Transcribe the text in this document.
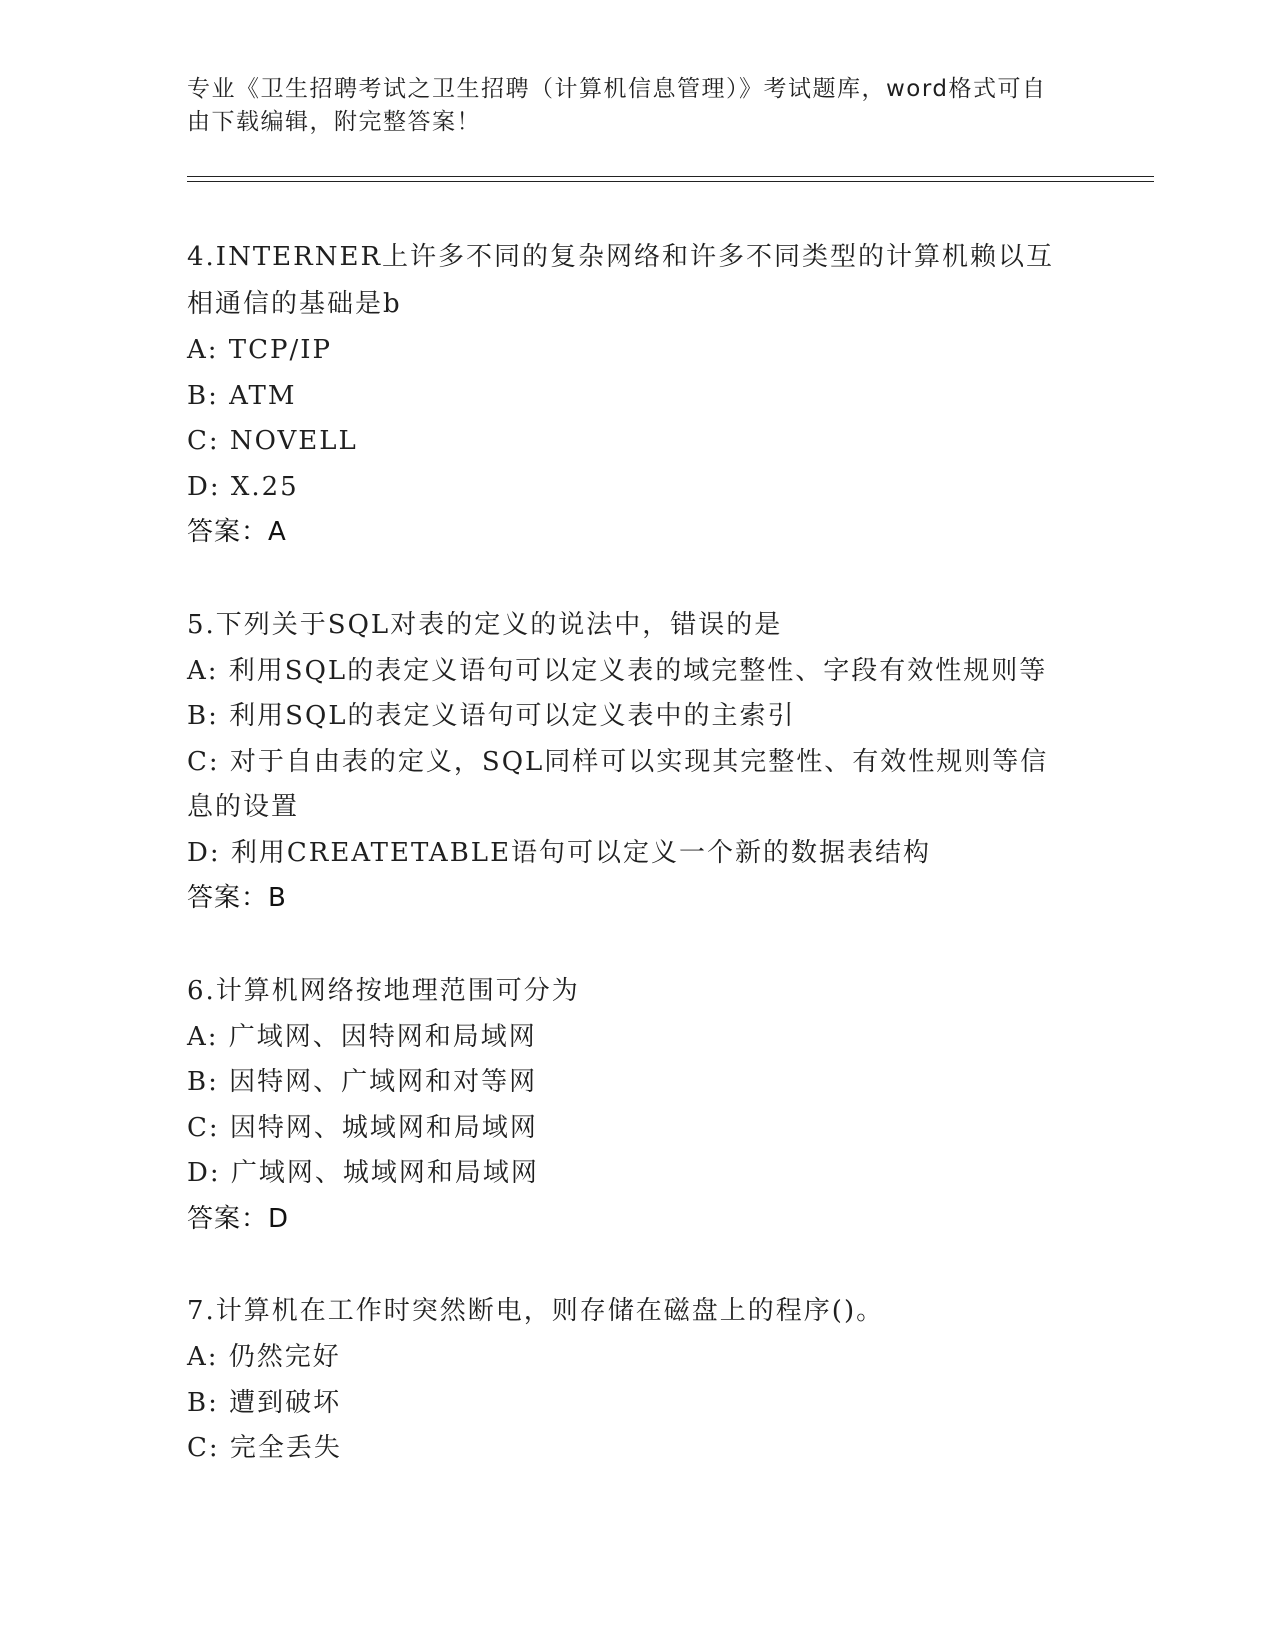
专业《卫生招聘考试之卫生招聘（计算机信息管理）》考试题库，word格式可自由下载编辑，附完整答案！
4.INTERNER上许多不同的复杂网络和许多不同类型的计算机赖以互相通信的基础是b
A: TCP/IP
B: ATM
C: NOVELL
D: X.25
答案：A
5.下列关于SQL对表的定义的说法中，错误的是
A: 利用SQL的表定义语句可以定义表的域完整性、字段有效性规则等
B: 利用SQL的表定义语句可以定义表中的主索引
C: 对于自由表的定义，SQL同样可以实现其完整性、有效性规则等信息的设置
D: 利用CREATETABLE语句可以定义一个新的数据表结构
答案：B
6.计算机网络按地理范围可分为
A: 广域网、因特网和局域网
B: 因特网、广域网和对等网
C: 因特网、城域网和局域网
D: 广域网、城域网和局域网
答案：D
7.计算机在工作时突然断电，则存储在磁盘上的程序()。
A: 仍然完好
B: 遭到破坏
C: 完全丢失
